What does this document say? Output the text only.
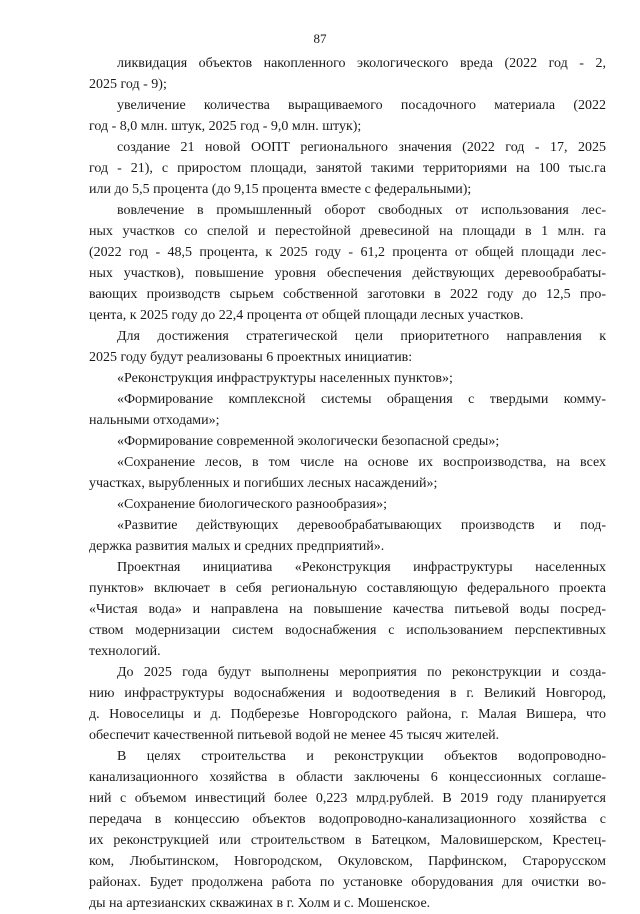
87
ликвидация объектов накопленного экологического вреда (2022 год - 2,
2025 год - 9);
увеличение количества выращиваемого посадочного материала (2022
год - 8,0 млн. штук, 2025 год - 9,0 млн. штук);
создание 21 новой ООПТ регионального значения (2022 год - 17, 2025
год - 21), с приростом площади, занятой такими территориями на 100 тыс.га
или до 5,5 процента (до 9,15 процента вместе с федеральными);
вовлечение в промышленный оборот свободных от использования лес-
ных участков со спелой и перестойной древесиной на площади в 1 млн. га
(2022 год - 48,5 процента, к 2025 году - 61,2 процента от общей площади лес-
ных участков), повышение уровня обеспечения действующих деревообрабаты-
вающих производств сырьем собственной заготовки в 2022 году до 12,5 про-
цента, к 2025 году до 22,4 процента от общей площади лесных участков.
Для достижения стратегической цели приоритетного направления к
2025 году будут реализованы 6 проектных инициатив:
«Реконструкция инфраструктуры населенных пунктов»;
«Формирование комплексной системы обращения с твердыми комму-
нальными отходами»;
«Формирование современной экологически безопасной среды»;
«Сохранение лесов, в том числе на основе их воспроизводства, на всех
участках, вырубленных и погибших лесных насаждений»;
«Сохранение биологического разнообразия»;
«Развитие действующих деревообрабатывающих производств и под-
держка развития малых и средних предприятий».
Проектная инициатива «Реконструкция инфраструктуры населенных
пунктов» включает в себя региональную составляющую федерального проекта
«Чистая вода» и направлена на повышение качества питьевой воды посред-
ством модернизации систем водоснабжения с использованием перспективных
технологий.
До 2025 года будут выполнены мероприятия по реконструкции и созда-
нию инфраструктуры водоснабжения и водоотведения в г. Великий Новгород,
д. Новоселицы и д. Подберезье Новгородского района, г. Малая Вишера, что
обеспечит качественной питьевой водой не менее 45 тысяч жителей.
В целях строительства и реконструкции объектов водопроводно-
канализационного хозяйства в области заключены 6 концессионных соглаше-
ний с объемом инвестиций более 0,223 млрд.рублей. В 2019 году планируется
передача в концессию объектов водопроводно-канализационного хозяйства с
их реконструкцией или строительством в Батецком, Маловишерском, Крестец-
ком, Любытинском, Новгородском, Окуловском, Парфинском, Старорусском
районах. Будет продолжена работа по установке оборудования для очистки во-
ды на артезианских скважинах в г. Холм и с. Мошенское.
